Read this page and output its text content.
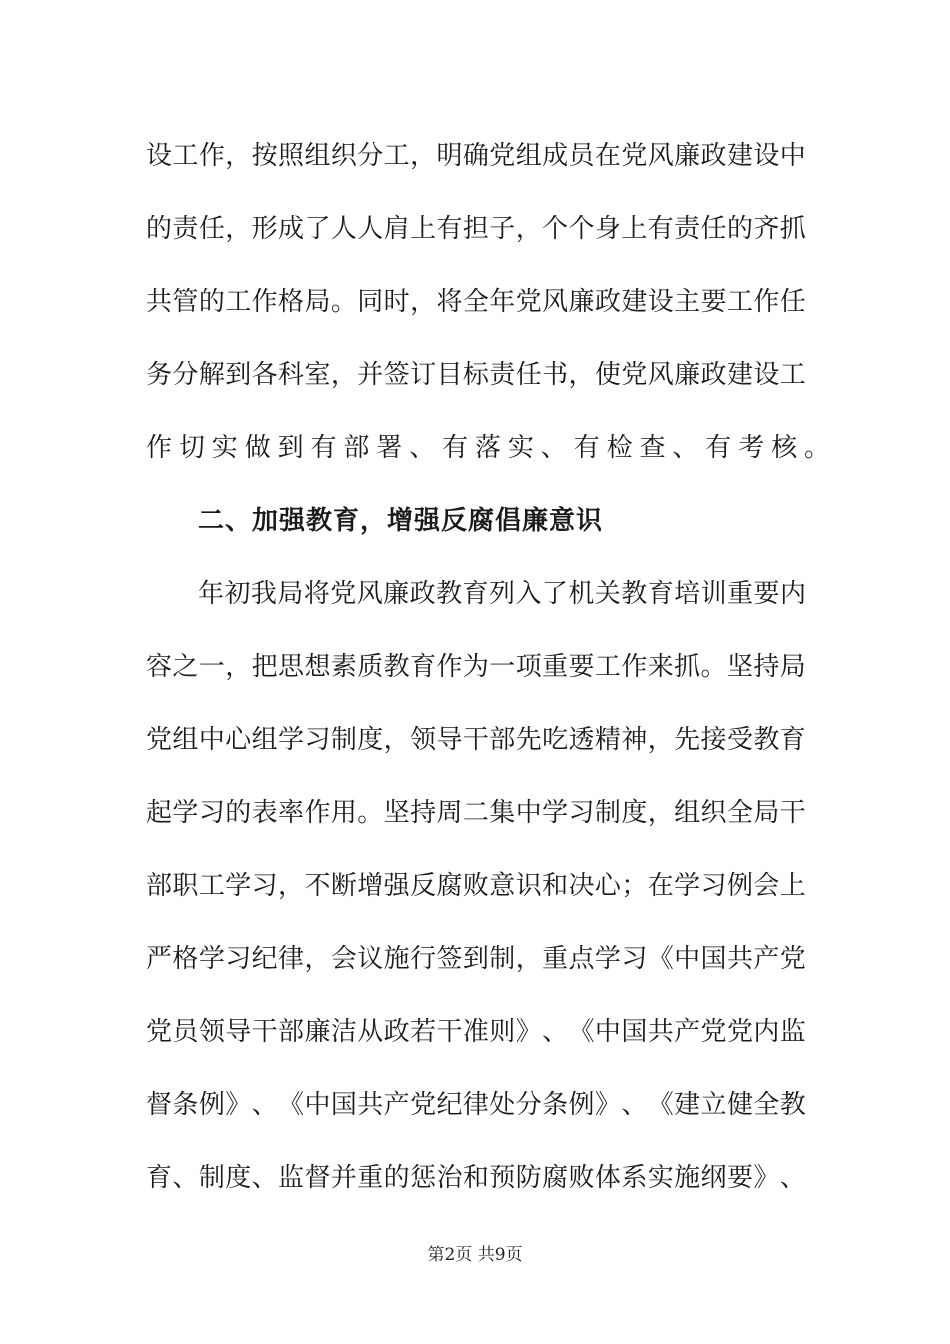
设 工 作 ， 按 照 组 织 分 工 ， 明 确 党 组 成 员 在 党 风 廉 政 建 设 中
的 责 任 ， 形 成 了 人 人 肩 上 有 担 子 ， 个 个 身 上 有 责 任 的 齐 抓
共 管 的 工 作 格 局 。 同 时 ， 将 全 年 党 风 廉 政 建 设 主 要 工 作 任
务 分 解 到 各 科 室 ， 并 签 订 目 标 责 任 书 ， 使 党 风 廉 政 建 设 工
作切实做到有部署、有落实、有检查、有考核。
二、加强教育，增强反腐倡廉意识
年 初 我 局 将 党 风 廉 政 教 育 列 入 了 机 关 教 育 培 训 重 要 内
容 之 一 ， 把 思 想 素 质 教 育 作 为 一 项 重 要 工 作 来 抓 。 坚 持 局
党 组 中 心 组 学 习 制 度 ， 领 导 干 部 先 吃 透 精 神 ， 先 接 受 教 育
起 学 习 的 表 率 作 用 。 坚 持 周 二 集 中 学 习 制 度 ， 组 织 全 局 干
部 职 工 学 习 ， 不 断 增 强 反 腐 败 意 识 和 决 心 ； 在 学 习 例 会 上
严 格 学 习 纪 律 ， 会 议 施 行 签 到 制 ， 重 点 学 习 《 中 国 共 产 党
党 员 领 导 干 部 廉 洁 从 政 若 干 准 则 》 、 《 中 国 共 产 党 党 内 监
督 条 例 》 、 《 中 国 共 产 党 纪 律 处 分 条 例 》 、 《 建 立 健 全 教
育 、 制 度 、 监 督 并 重 的 惩 治 和 预 防 腐 败 体 系 实 施 纲 要 》 、
第2页 共9页
